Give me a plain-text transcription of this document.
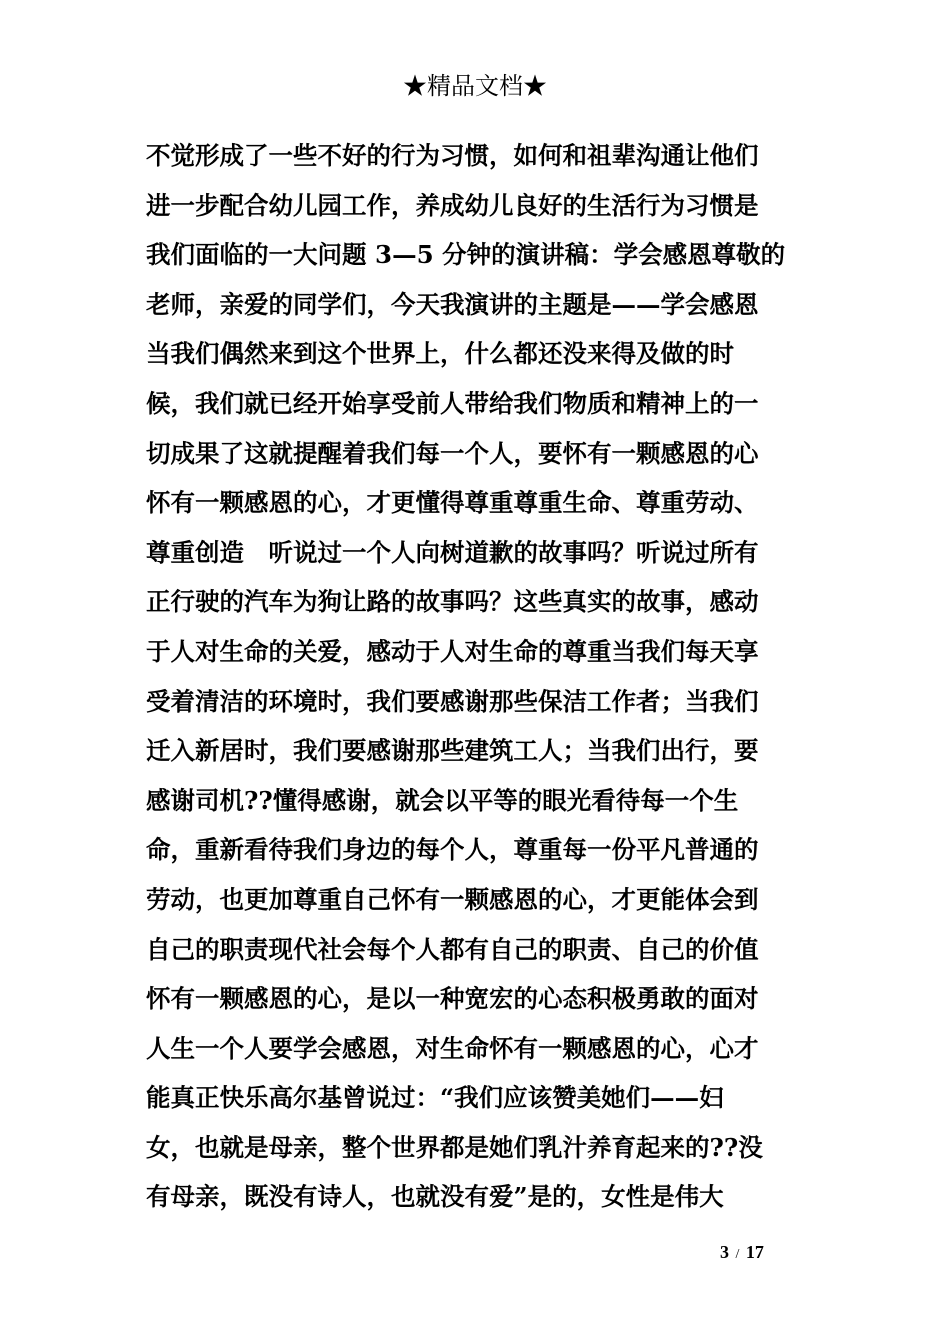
★精品文档★
不觉形成了一些不好的行为习惯，如何和祖辈沟通让他们
进一步配合幼儿园工作，养成幼儿良好的生活行为习惯是
我们面临的一大问题 3—5 分钟的演讲稿：学会感恩尊敬的
老师，亲爱的同学们，今天我演讲的主题是——学会感恩
当我们偶然来到这个世界上，什么都还没来得及做的时
候，我们就已经开始享受前人带给我们物质和精神上的一
切成果了这就提醒着我们每一个人，要怀有一颗感恩的心
怀有一颗感恩的心，才更懂得尊重尊重生命、尊重劳动、
尊重创造　听说过一个人向树道歉的故事吗？听说过所有
正行驶的汽车为狗让路的故事吗？这些真实的故事，感动
于人对生命的关爱，感动于人对生命的尊重当我们每天享
受着清洁的环境时，我们要感谢那些保洁工作者；当我们
迁入新居时，我们要感谢那些建筑工人；当我们出行，要
感谢司机??懂得感谢，就会以平等的眼光看待每一个生
命，重新看待我们身边的每个人，尊重每一份平凡普通的
劳动，也更加尊重自己怀有一颗感恩的心，才更能体会到
自己的职责现代社会每个人都有自己的职责、自己的价值
怀有一颗感恩的心，是以一种宽宏的心态积极勇敢的面对
人生一个人要学会感恩，对生命怀有一颗感恩的心，心才
能真正快乐高尔基曾说过：“我们应该赞美她们——妇
女，也就是母亲，整个世界都是她们乳汁养育起来的??没
有母亲，既没有诗人，也就没有爱”是的，女性是伟大
3 / 17
